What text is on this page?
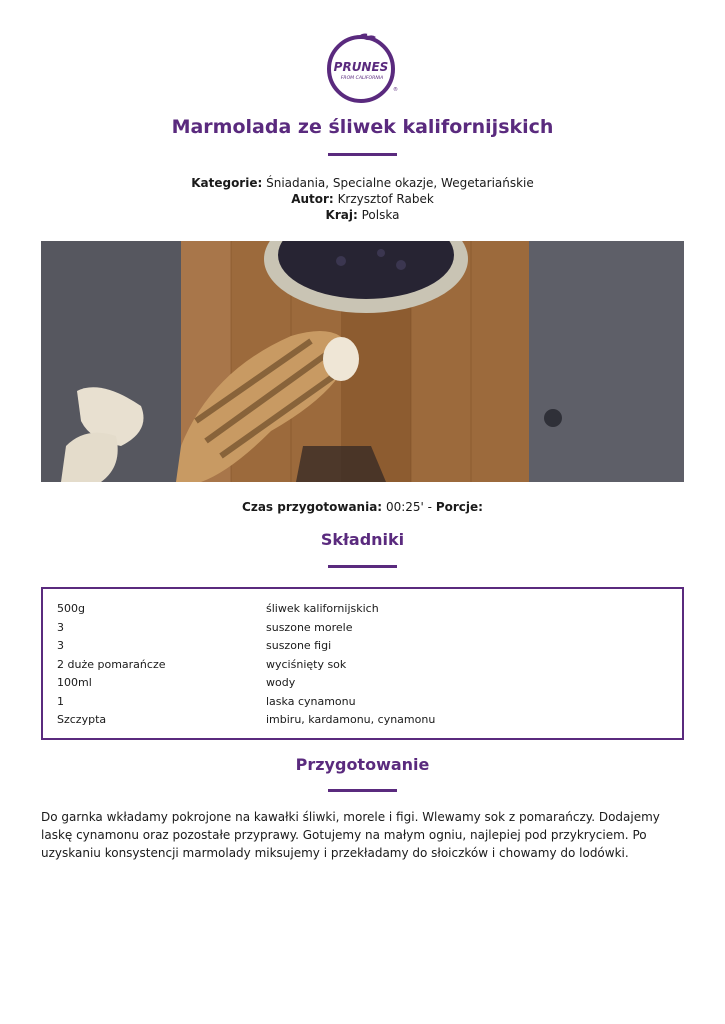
PRUNES
FROM CALIFORNIA
®
Marmolada ze śliwek kalifornijskich
Kategorie: Śniadania, Specialne okazje, Wegetariańskie
Autor: Krzysztof Rabek
Kraj: Polska
Czas przygotowania: 00:25' - Porcje:
Składniki
500g	śliwek kalifornijskich
3	suszone morele
3	suszone figi
2 duże pomarańcze	wyciśnięty sok
100ml	wody
1	laska cynamonu
Szczypta	imbiru, kardamonu, cynamonu
Przygotowanie
Do garnka wkładamy pokrojone na kawałki śliwki, morele i figi. Wlewamy sok z pomarańczy. Dodajemy laskę cynamonu oraz pozostałe przyprawy. Gotujemy na małym ogniu, najlepiej pod przykryciem. Po uzyskaniu konsystencji marmolady miksujemy i przekładamy do słoiczków i chowamy do lodówki.
